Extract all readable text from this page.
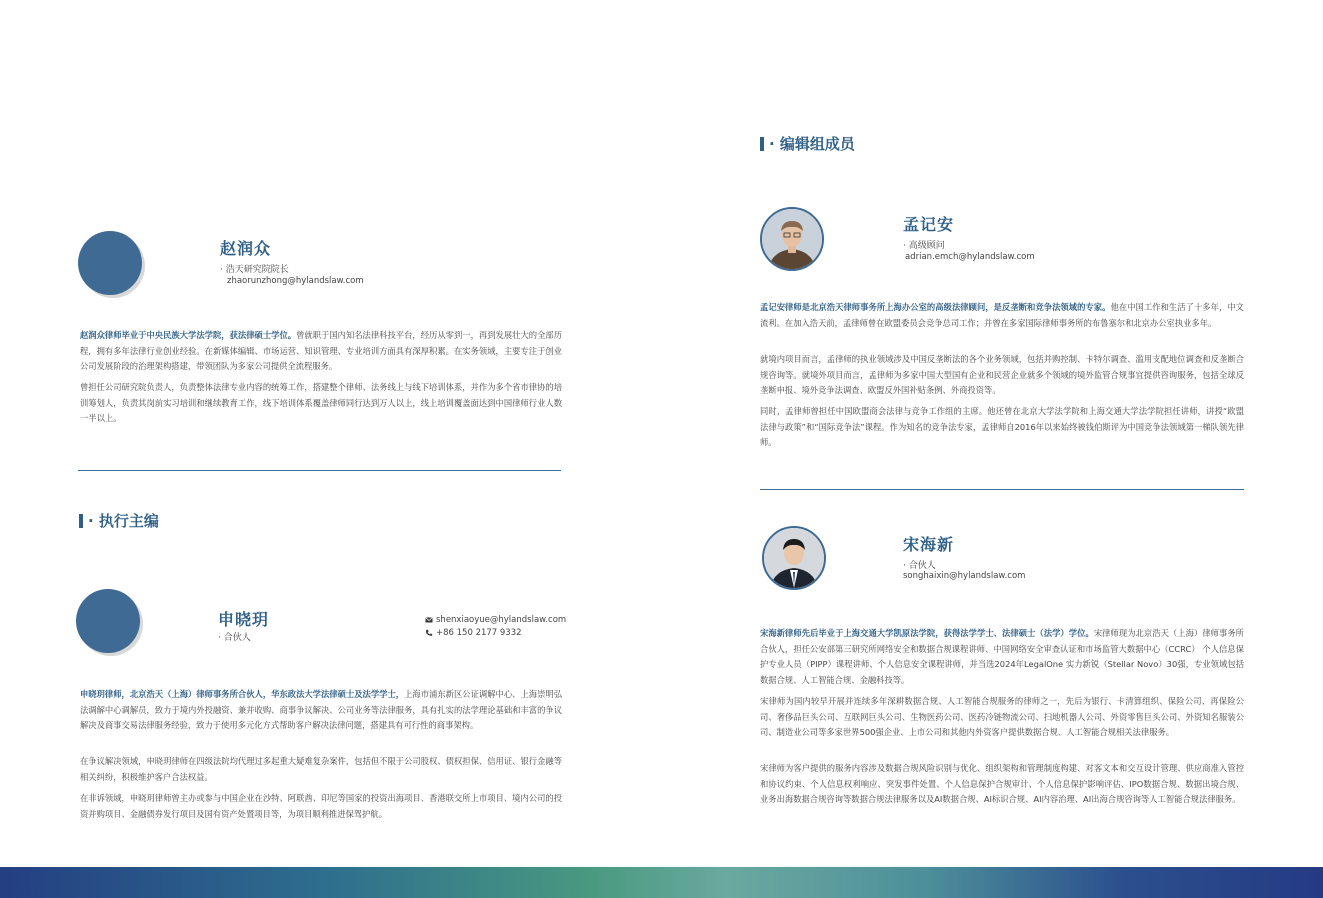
赵润众
· 浩天研究院院长
zhaorunzhong@hylandslaw.com
赵润众律师毕业于中央民族大学法学院，获法律硕士学位。曾就职于国内知名法律科技平台，经历从零到一，再到发展壮大的全部历程，拥有多年法律行业创业经验。在新媒体编辑、市场运营、知识管理、专业培训方面具有深厚积累。在实务领域，主要专注于创业公司发展阶段的治理架构搭建，带领团队为多家公司提供全流程服务。
曾担任公司研究院负责人，负责整体法律专业内容的统筹工作，搭建整个律师、法务线上与线下培训体系，并作为多个省市律协的培训筹划人，负责其岗前实习培训和继续教育工作，线下培训体系覆盖律师同行达到万人以上，线上培训覆盖面达到中国律师行业人数一半以上。
· 执行主编
申晓玥
· 合伙人
shenxiaoyue@hylandslaw.com
+86 150 2177 9332
申晓玥律师，北京浩天（上海）律师事务所合伙人，华东政法大学法律硕士及法学学士，上海市浦东新区公证调解中心、上海崇明弘法调解中心调解员，致力于境内外投融资、兼并收购、商事争议解决、公司业务等法律服务，具有扎实的法学理论基础和丰富的争议解决及商事交易法律服务经验，致力于使用多元化方式帮助客户解决法律问题，搭建具有可行性的商事架构。
在争议解决领域，申晓玥律师在四级法院均代理过多起重大疑难复杂案件，包括但不限于公司股权、债权担保、信用证、银行金融等相关纠纷，积极维护客户合法权益。
在非诉领域，申晓玥律师曾主办或参与中国企业在沙特、阿联酋、印尼等国家的投资出海项目、香港联交所上市项目、境内公司的投资并购项目、金融债券发行项目及国有资产处置项目等，为项目顺利推进保驾护航。
· 编辑组成员
孟记安
· 高级顾问
adrian.emch@hylandslaw.com
孟记安律师是北京浩天律师事务所上海办公室的高级法律顾问，是反垄断和竞争法领域的专家。他在中国工作和生活了十多年，中文流利。在加入浩天前，孟律师曾在欧盟委员会竞争总司工作；并曾在多家国际律师事务所的布鲁塞尔和北京办公室执业多年。
就境内项目而言，孟律师的执业领域涉及中国反垄断法的各个业务领域，包括并购控制、卡特尔调查、滥用支配地位调查和反垄断合规咨询等。就境外项目而言，孟律师为多家中国大型国有企业和民营企业就多个领域的境外监管合规事宜提供咨询服务，包括全球反垄断申报、境外竞争法调查、欧盟反外国补贴条例、外商投资等。
同时，孟律师曾担任中国欧盟商会法律与竞争工作组的主席。他还曾在北京大学法学院和上海交通大学法学院担任讲师，讲授“欧盟法律与政策”和“国际竞争法”课程。作为知名的竞争法专家，孟律师自2016年以来始终被钱伯斯评为中国竞争法领域第一梯队领先律师。
宋海新
· 合伙人
songhaixin@hylandslaw.com
宋海新律师先后毕业于上海交通大学凯原法学院，获得法学学士、法律硕士（法学）学位。宋律师现为北京浩天（上海）律师事务所合伙人，担任公安部第三研究所网络安全和数据合规课程讲师、中国网络安全审查认证和市场监管大数据中心（CCRC） 个人信息保护专业人员（PIPP）课程讲师、个人信息安全课程讲师，并当选2024年LegalOne 实力新锐（Stellar Novo）30强，专业领域包括数据合规、人工智能合规、金融科技等。
宋律师为国内较早开展并连续多年深耕数据合规、人工智能合规服务的律师之一，先后为银行、卡清算组织、保险公司、再保险公司、奢侈品巨头公司、互联网巨头公司、生物医药公司、医药冷链物流公司、扫地机器人公司、外资零售巨头公司、外资知名服装公司、制造业公司等多家世界500强企业、上市公司和其他内外资客户提供数据合规、人工智能合规相关法律服务。
宋律师为客户提供的服务内容涉及数据合规风险识别与优化、组织架构和管理制度构建、对客文本和交互设计管理、供应商准入管控和协议约束、个人信息权利响应、突发事件处置、个人信息保护合规审计、个人信息保护影响评估、IPO数据合规、数据出境合规、业务出海数据合规咨询等数据合规法律服务以及AI数据合规、AI标识合规、AI内容治理、AI出海合规咨询等人工智能合规法律服务。
